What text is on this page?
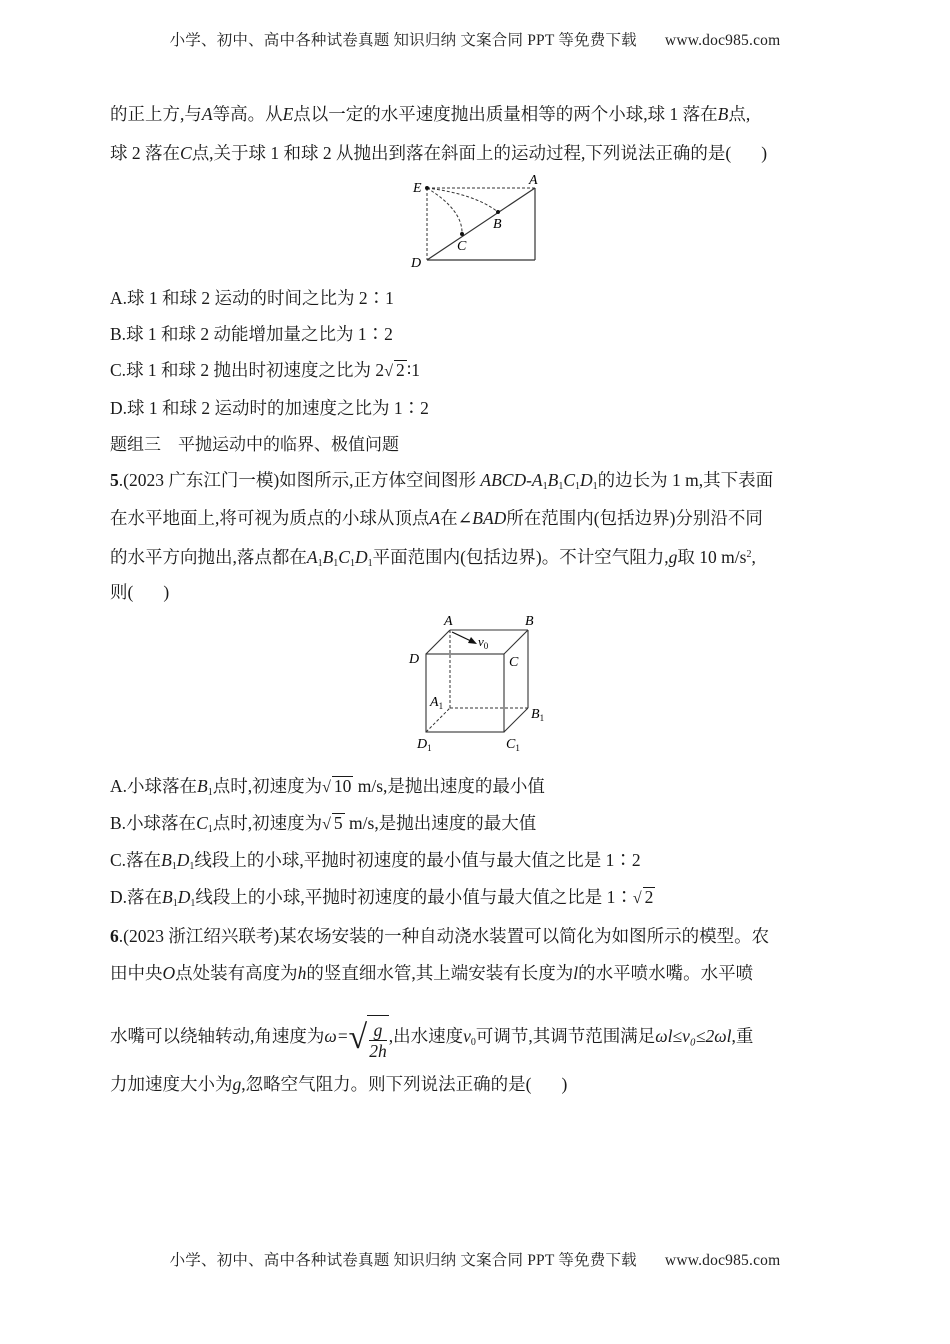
小学、初中、高中各种试卷真题 知识归纳 文案合同 PPT 等免费下载 www.doc985.com
的正上方,与A等高。从E点以一定的水平速度抛出质量相等的两个小球,球 1 落在B点,
球 2 落在C点,关于球 1 和球 2 从抛出到落在斜面上的运动过程,下列说法正确的是( )
E
A
B
C
D
A.球 1 和球 2 运动的时间之比为 2∶1
B.球 1 和球 2 动能增加量之比为 1∶2
C.球 1 和球 2 抛出时初速度之比为 2√ 2 ∶1
D.球 1 和球 2 运动时的加速度之比为 1∶2
题组三　平抛运动中的临界、极值问题
5.(2023 广东江门一模)如图所示,正方体空间图形 ABCD-$A_1B_1C_1D_1$的边长为 1 m,其下表面
在水平地面上,将可视为质点的小球从顶点A在∠BAD所在范围内(包括边界)分别沿不同
的水平方向抛出,落点都在$A_1B_1C_1D_1$平面范围内(包括边界)。不计空气阻力,g取 10 $m/s^2$,
则( )
A	B
D	C
$v_0$
$A_1$
$B_1$
$C_1$
$D_1$
A.小球落在$B_1$点时,初速度为√ 10 m/s,是抛出速度的最小值
B.小球落在$C_1$点时,初速度为√ 5 m/s,是抛出速度的最大值
C.落在$B_1D_1$线段上的小球,平抛时初速度的最小值与最大值之比是 1∶2
D.落在$B_1D_1$线段上的小球,平抛时初速度的最小值与最大值之比是 1∶√ 2
6.(2023 浙江绍兴联考)某农场安装的一种自动浇水装置可以简化为如图所示的模型。农
田中央O点处装有高度为h的竖直细水管,其上端安装有长度为l的水平喷水嘴。水平喷
水嘴可以绕轴转动,角速度为$\omega=√ \frac{g}{2h}$ ,出水速度$v_0$可调节,其调节范围满足ωl≤v₀≤2ωl,重
力加速度大小为g,忽略空气阻力。则下列说法正确的是( )
小学、初中、高中各种试卷真题 知识归纳 文案合同 PPT 等免费下载 www.doc985.com
